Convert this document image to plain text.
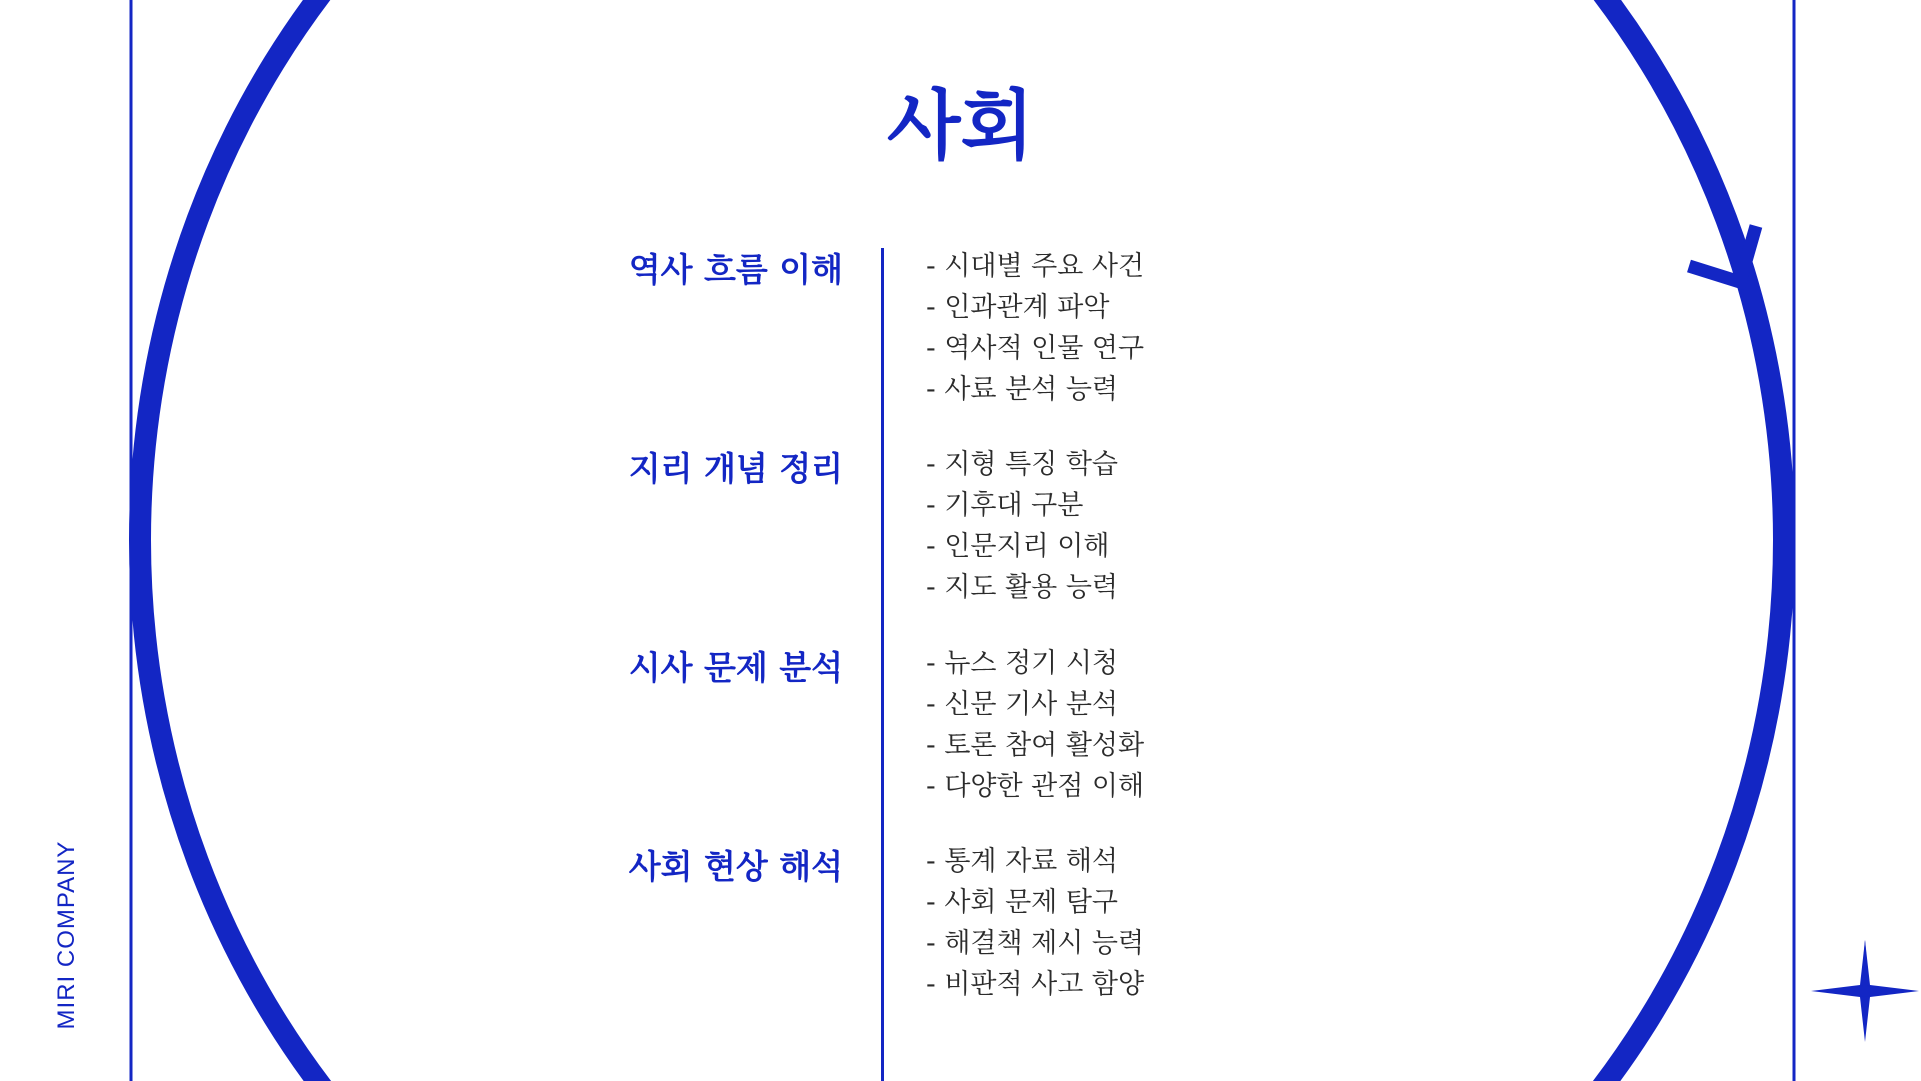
사회
역사 흐름 이해	- 시대별 주요 사건
- 인과관계 파악
- 역사적 인물 연구
- 사료 분석 능력
지리 개념 정리	- 지형 특징 학습
- 기후대 구분
- 인문지리 이해
- 지도 활용 능력
시사 문제 분석	- 뉴스 정기 시청
- 신문 기사 분석
- 토론 참여 활성화
- 다양한 관점 이해
사회 현상 해석	- 통계 자료 해석
- 사회 문제 탐구
- 해결책 제시 능력
- 비판적 사고 함양
MIRI COMPANY
